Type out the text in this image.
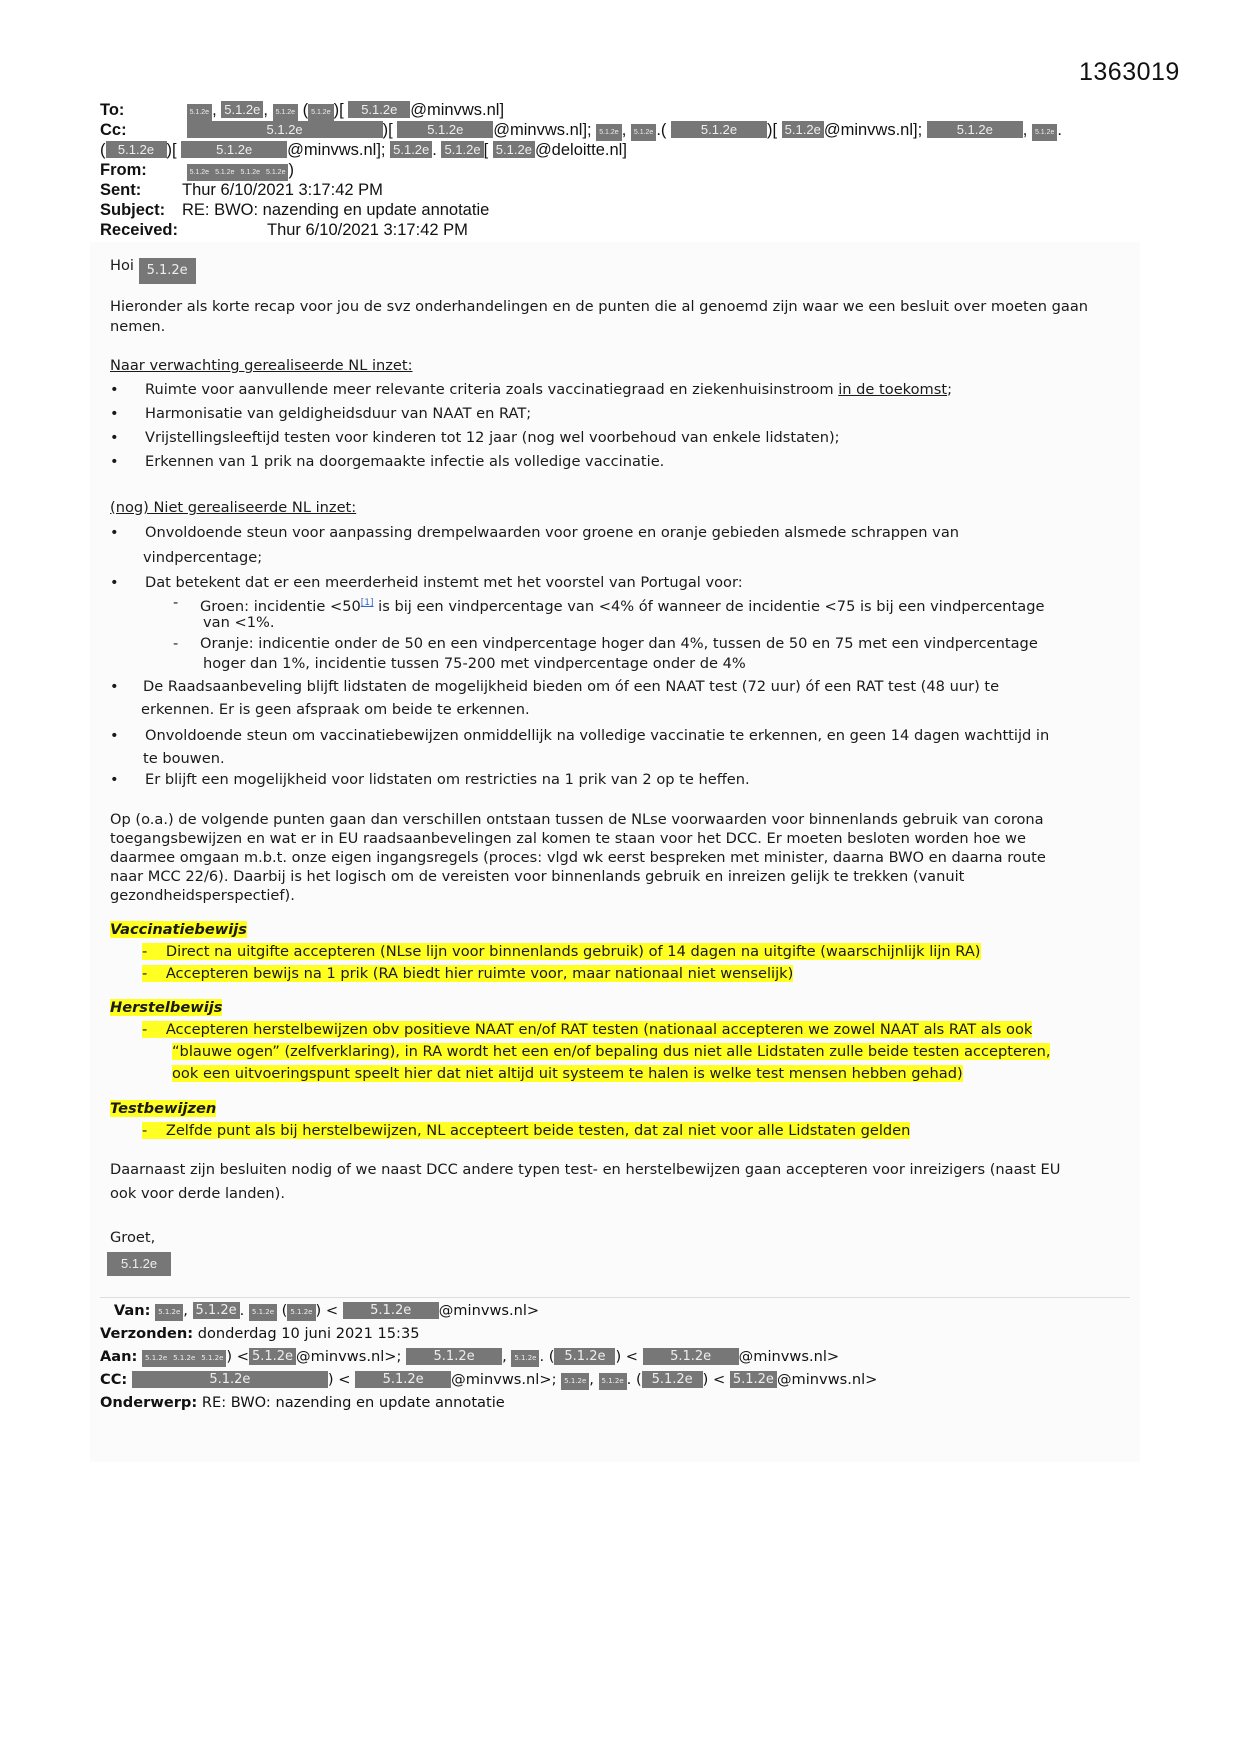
1363019
To:	5.1.2e , 5.1.2e , 5.1.2e ( 5.1.2e )[ 5.1.2e @minvws.nl]
Cc:	5.1.2e	)[ 5.1.2e @minvws.nl]; 5.1.2e , 5.1.2e .( 5.1.2e )[ 5.1.2e @minvws.nl];	5.1.2e , 5.1.2e .
( 5.1.2e )[	5.1.2e @minvws.nl]; 5.1.2e . 5.1.2e [ 5.1.2e @deloitte.nl]
From:	5.1.2e 5.1.2e 5.1.2e 5.1.2e )
Sent: Thur 6/10/2021 3:17:42 PM
Subject: RE: BWO: nazending en update annotatie
Received:	Thur 6/10/2021 3:17:42 PM
Hoi 5.1.2e
Hieronder als korte recap voor jou de svz onderhandelingen en de punten die al genoemd zijn waar we een besluit over moeten gaan nemen.
Naar verwachting gerealiseerde NL inzet:
• Ruimte voor aanvullende meer relevante criteria zoals vaccinatiegraad en ziekenhuisinstroom in de toekomst;
• Harmonisatie van geldigheidsduur van NAAT en RAT;
• Vrijstellingsleeftijd testen voor kinderen tot 12 jaar (nog wel voorbehoud van enkele lidstaten);
• Erkennen van 1 prik na doorgemaakte infectie als volledige vaccinatie.
(nog) Niet gerealiseerde NL inzet:
• Onvoldoende steun voor aanpassing drempelwaarden voor groene en oranje gebieden alsmede schrappen van
vindpercentage;
• Dat betekent dat er een meerderheid instemt met het voorstel van Portugal voor:
- Groen: incidentie <50[1] is bij een vindpercentage van <4% óf wanneer de incidentie <75 is bij een vindpercentage
van <1%.
- Oranje: indicentie onder de 50 en een vindpercentage hoger dan 4%, tussen de 50 en 75 met een vindpercentage
hoger dan 1%, incidentie tussen 75-200 met vindpercentage onder de 4%
• De Raadsaanbeveling blijft lidstaten de mogelijkheid bieden om óf een NAAT test (72 uur) óf een RAT test (48 uur) te
erkennen. Er is geen afspraak om beide te erkennen.
• Onvoldoende steun om vaccinatiebewijzen onmiddellijk na volledige vaccinatie te erkennen, en geen 14 dagen wachttijd in
te bouwen.
• Er blijft een mogelijkheid voor lidstaten om restricties na 1 prik van 2 op te heffen.
Op (o.a.) de volgende punten gaan dan verschillen ontstaan tussen de NLse voorwaarden voor binnenlands gebruik van corona
toegangsbewijzen en wat er in EU raadsaanbevelingen zal komen te staan voor het DCC. Er moeten besloten worden hoe we
daarmee omgaan m.b.t. onze eigen ingangsregels (proces: vlgd wk eerst bespreken met minister, daarna BWO en daarna route
naar MCC 22/6). Daarbij is het logisch om de vereisten voor binnenlands gebruik en inreizen gelijk te trekken (vanuit
gezondheidsperspectief).
Vaccinatiebewijs
-    Direct na uitgifte accepteren (NLse lijn voor binnenlands gebruik) of 14 dagen na uitgifte (waarschijnlijk lijn RA)
-    Accepteren bewijs na 1 prik (RA biedt hier ruimte voor, maar nationaal niet wenselijk)
Herstelbewijs
-    Accepteren herstelbewijzen obv positieve NAAT en/of RAT testen (nationaal accepteren we zowel NAAT als RAT als ook
“blauwe ogen” (zelfverklaring), in RA wordt het een en/of bepaling dus niet alle Lidstaten zulle beide testen accepteren,
ook een uitvoeringspunt speelt hier dat niet altijd uit systeem te halen is welke test mensen hebben gehad)
Testbewijzen
-    Zelfde punt als bij herstelbewijzen, NL accepteert beide testen, dat zal niet voor alle Lidstaten gelden
Daarnaast zijn besluiten nodig of we naast DCC andere typen test- en herstelbewijzen gaan accepteren voor inreizigers (naast EU
ook voor derde landen).
Groet,
5.1.2e
Van: 5.1.2e , 5.1.2e . 5.1.2e ( 5.1.2e ) < 5.1.2e @minvws.nl>
Verzonden: donderdag 10 juni 2021 15:35
Aan: 5.1.2e 5.1.2e 5.1.2e ) < 5.1.2e @minvws.nl>; 5.1.2e , 5.1.2e . ( 5.1.2e ) < 5.1.2e @minvws.nl>
CC:	5.1.2e	) < 5.1.2e @minvws.nl>; 5.1.2e , 5.1.2e . ( 5.1.2e ) < 5.1.2e @minvws.nl>
Onderwerp: RE: BWO: nazending en update annotatie
